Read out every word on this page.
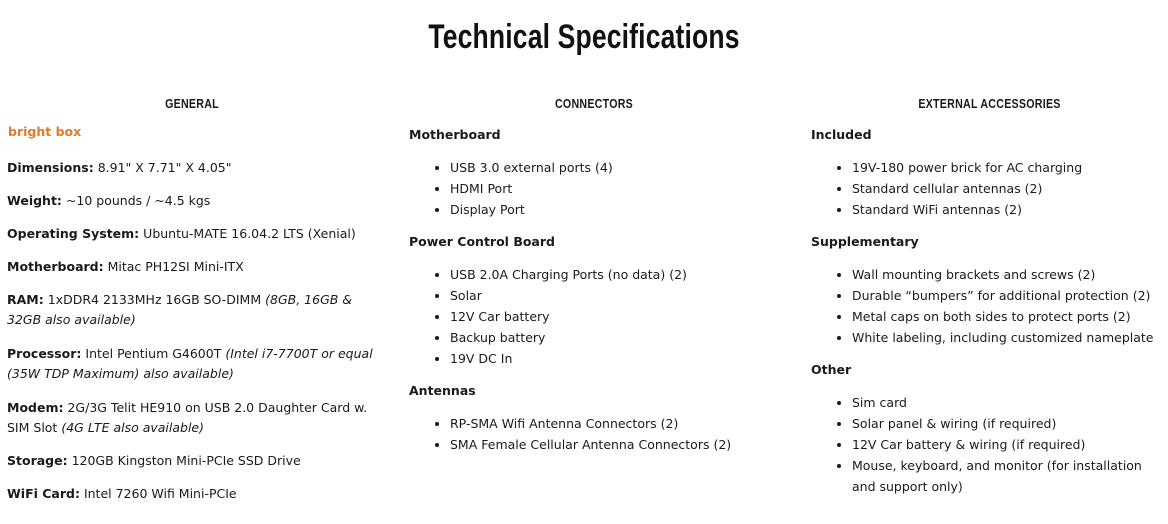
Technical Specifications
GENERAL
bright box
Dimensions: 8.91" X 7.71" X 4.05"
Weight: ~10 pounds / ~4.5 kgs
Operating System: Ubuntu-MATE 16.04.2 LTS (Xenial)
Motherboard: Mitac PH12SI Mini-ITX
RAM: 1xDDR4 2133MHz 16GB SO-DIMM (8GB, 16GB & 32GB also available)
Processor: Intel Pentium G4600T (Intel i7-7700T or equal (35W TDP Maximum) also available)
Modem: 2G/3G Telit HE910 on USB 2.0 Daughter Card w. SIM Slot (4G LTE also available)
Storage: 120GB Kingston Mini-PCIe SSD Drive
WiFi Card: Intel 7260 Wifi Mini-PCIe
CONNECTORS
Motherboard
USB 3.0 external ports (4)
HDMI Port
Display Port
Power Control Board
USB 2.0A Charging Ports (no data) (2)
Solar
12V Car battery
Backup battery
19V DC In
Antennas
RP-SMA Wifi Antenna Connectors (2)
SMA Female Cellular Antenna Connectors (2)
EXTERNAL ACCESSORIES
Included
19V-180 power brick for AC charging
Standard cellular antennas (2)
Standard WiFi antennas (2)
Supplementary
Wall mounting brackets and screws (2)
Durable “bumpers” for additional protection (2)
Metal caps on both sides to protect ports (2)
White labeling, including customized nameplate
Other
Sim card
Solar panel & wiring (if required)
12V Car battery & wiring (if required)
Mouse, keyboard, and monitor (for installation and support only)
